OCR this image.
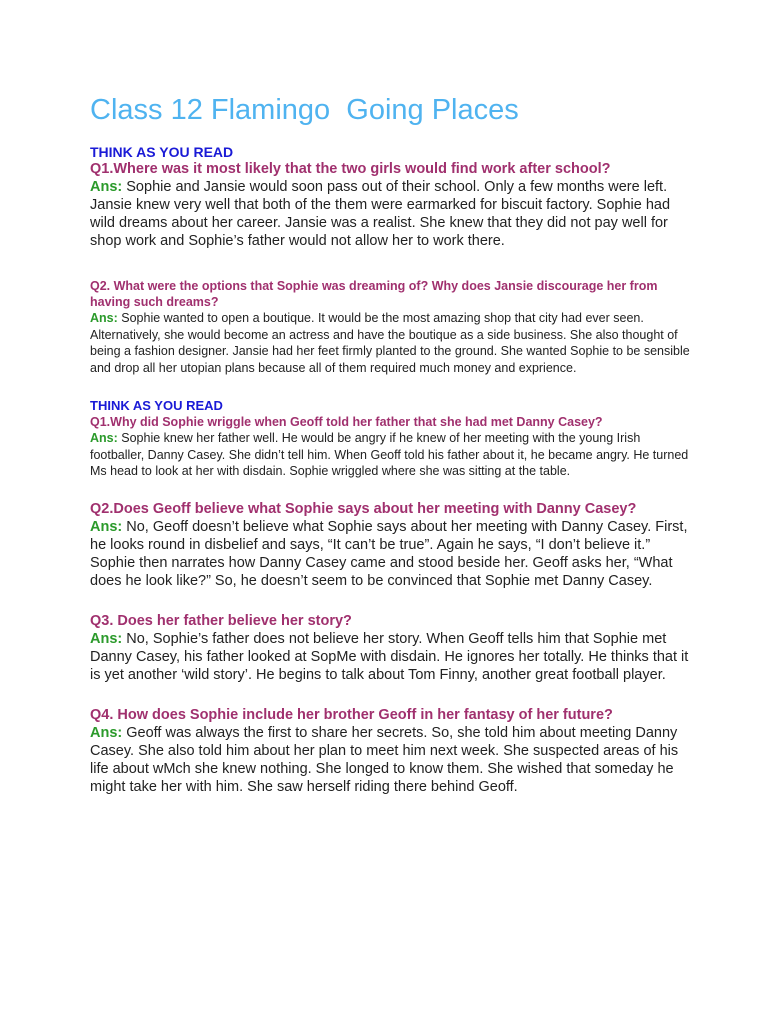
Class 12 Flamingo  Going Places

THINK AS YOU READ

Q1.Where was it most likely that the two girls would find work after school?

Ans: Sophie and Jansie would soon pass out of their school. Only a few months were left. Jansie knew very well that both of the them were earmarked for biscuit factory. Sophie had wild dreams about her career. Jansie was a realist. She knew that they did not pay well for shop work and Sophie’s father would not allow her to work there.

Q2. What were the options that Sophie was dreaming of? Why does Jansie discourage her from having such dreams?

Ans: Sophie wanted to open a boutique. It would be the most amazing shop that city had ever seen. Alternatively, she would become an actress and have the boutique as a side business. She also thought of being a fashion designer. Jansie had her feet firmly planted to the ground. She wanted Sophie to be sensible and drop all her utopian plans because all of them required much money and exprience.

THINK AS YOU READ

Q1.Why did Sophie wriggle when Geoff told her father that she had met Danny Casey?

Ans: Sophie knew her father well. He would be angry if he knew of her meeting with the young Irish footballer, Danny Casey. She didn’t tell him. When Geoff told his father about it, he became angry. He turned Ms head to look at her with disdain. Sophie wriggled where she was sitting at the table.

Q2.Does Geoff believe what Sophie says about her meeting with Danny Casey?

Ans: No, Geoff doesn’t believe what Sophie says about her meeting with Danny Casey. First, he looks round in disbelief and says, “It can’t be true”. Again he says, “I don’t believe it.” Sophie then narrates how Danny Casey came and stood beside her. Geoff asks her, “What does he look like?” So, he doesn’t seem to be convinced that Sophie met Danny Casey.

Q3. Does her father believe her story?

Ans: No, Sophie’s father does not believe her story. When Geoff tells him that Sophie met Danny Casey, his father looked at SopMe with disdain. He ignores her totally. He thinks that it is yet another ‘wild story’. He begins to talk about Tom Finny, another great football player.

Q4. How does Sophie include her brother Geoff in her fantasy of her future?

Ans: Geoff was always the first to share her secrets. So, she told him about meeting Danny Casey. She also told him about her plan to meet him next week. She suspected areas of his life about wMch she knew nothing. She longed to know them. She wished that someday he might take her with him. She saw herself riding there behind Geoff.
